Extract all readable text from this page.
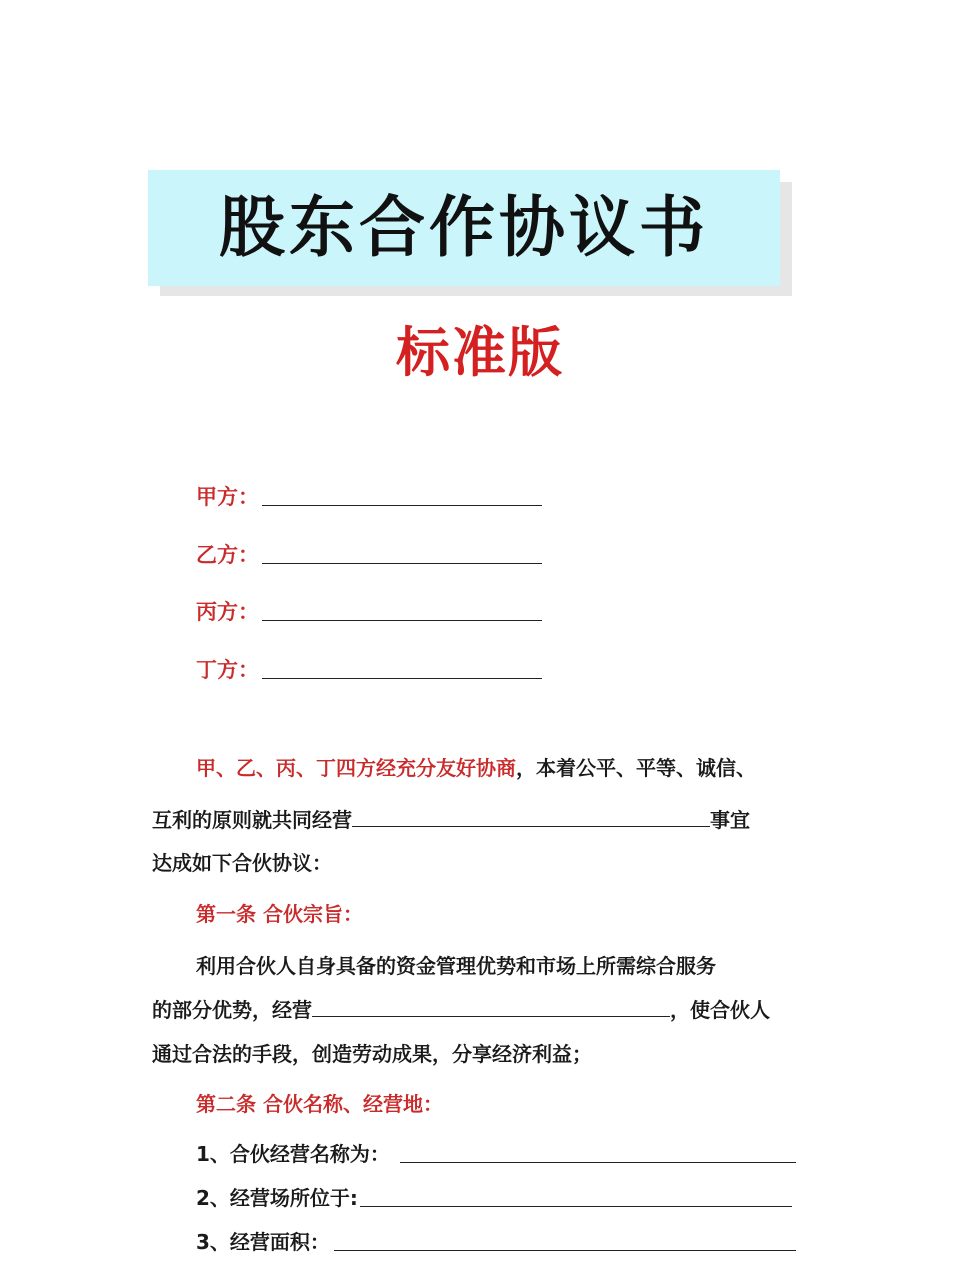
股东合作协议书
标准版
甲方：
乙方：
丙方：
丁方：
甲、乙、丙、丁四方经充分友好协商，本着公平、平等、诚信、
互利的原则就共同经营	事宜
达成如下合伙协议：
第一条 合伙宗旨：
利用合伙人自身具备的资金管理优势和市场上所需综合服务
的部分优势，经营	，使合伙人
通过合法的手段，创造劳动成果，分享经济利益；
第二条 合伙名称、经营地：
1、合伙经营名称为：
2、经营场所位于:
3、经营面积：
